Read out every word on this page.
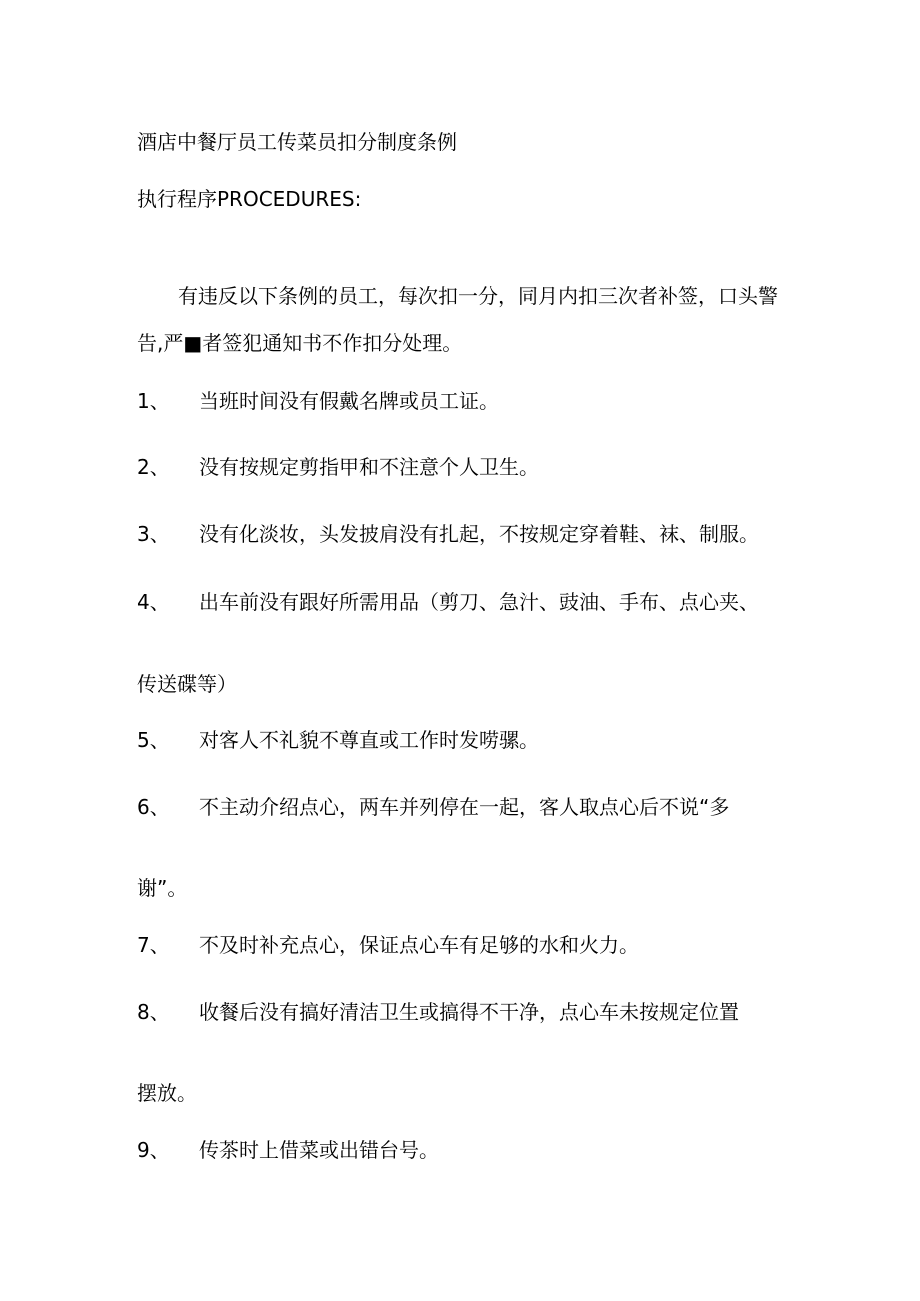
酒店中餐厅员工传菜员扣分制度条例
执行程序PROCEDURES:
有违反以下条例的员工，每次扣一分，同月内扣三次者补签，口头警
告,严■者签犯通知书不作扣分处理。
1、 当班时间没有假戴名牌或员工证。
2、 没有按规定剪指甲和不注意个人卫生。
3、 没有化淡妆，头发披肩没有扎起，不按规定穿着鞋、袜、制服。
4、 出车前没有跟好所需用品（剪刀、急汁、豉油、手布、点心夹、
传送碟等）
5、 对客人不礼貌不尊直或工作时发唠骡。
6、 不主动介绍点心，两车并列停在一起，客人取点心后不说“多
谢”。
7、 不及时补充点心，保证点心车有足够的水和火力。
8、 收餐后没有搞好清洁卫生或搞得不干净，点心车未按规定位置
摆放。
9、 传茶时上借菜或出错台号。
